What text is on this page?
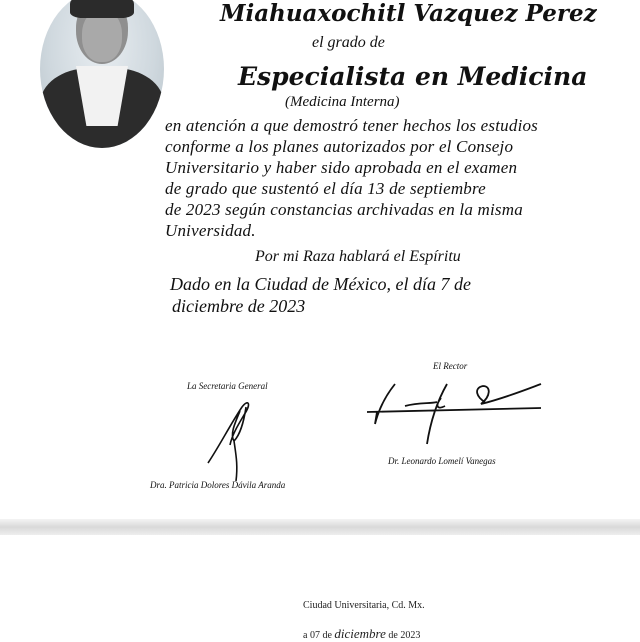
Miahuaxochitl Vazquez Perez
el grado de
Especialista en Medicina
(Medicina Interna)
en atención a que demostró tener hechos los estudios
conforme a los planes autorizados por el Consejo
Universitario y haber sido aprobada en el examen
de grado que sustentó el día 13 de septiembre
de 2023 según constancias archivadas en la misma
Universidad.
Por mi Raza hablará el Espíritu
Dado en la Ciudad de México, el día 7 de
diciembre de 2023
La Secretaria General
Dra. Patricia Dolores Dávila Aranda
El Rector
Dr. Leonardo Lomelí Vanegas
Ciudad Universitaria, Cd. Mx.
a 07 de diciembre de 2023
